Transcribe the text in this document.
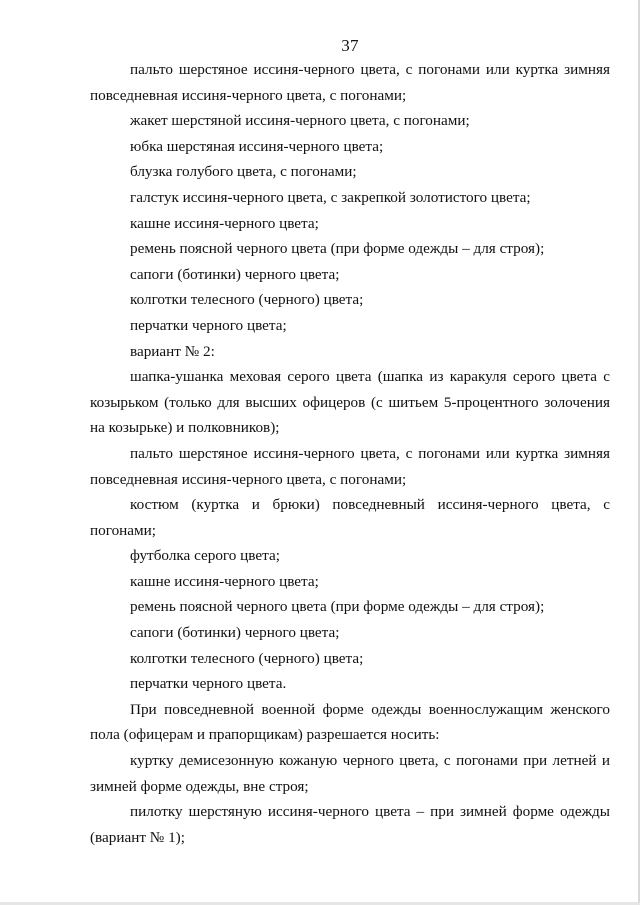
37

пальто шерстяное иссиня-черного цвета, с погонами или куртка зимняя повседневная иссиня-черного цвета, с погонами;

жакет шерстяной иссиня-черного цвета, с погонами;

юбка шерстяная иссиня-черного цвета;

блузка голубого цвета, с погонами;

галстук иссиня-черного цвета, с закрепкой золотистого цвета;

кашне иссиня-черного цвета;

ремень поясной черного цвета (при форме одежды – для строя);

сапоги (ботинки) черного цвета;

колготки телесного (черного) цвета;

перчатки черного цвета;

вариант № 2:

шапка-ушанка меховая серого цвета (шапка из каракуля серого цвета с козырьком (только для высших офицеров (с шитьем 5-процентного золочения на козырьке) и полковников);

пальто шерстяное иссиня-черного цвета, с погонами или куртка зимняя повседневная иссиня-черного цвета, с погонами;

костюм (куртка и брюки) повседневный иссиня-черного цвета, с погонами;

футболка серого цвета;

кашне иссиня-черного цвета;

ремень поясной черного цвета (при форме одежды – для строя);

сапоги (ботинки) черного цвета;

колготки телесного (черного) цвета;

перчатки черного цвета.

При повседневной военной форме одежды военнослужащим женского пола (офицерам и прапорщикам) разрешается носить:

куртку демисезонную кожаную черного цвета, с погонами при летней и зимней форме одежды, вне строя;

пилотку шерстяную иссиня-черного цвета – при зимней форме одежды (вариант № 1);
